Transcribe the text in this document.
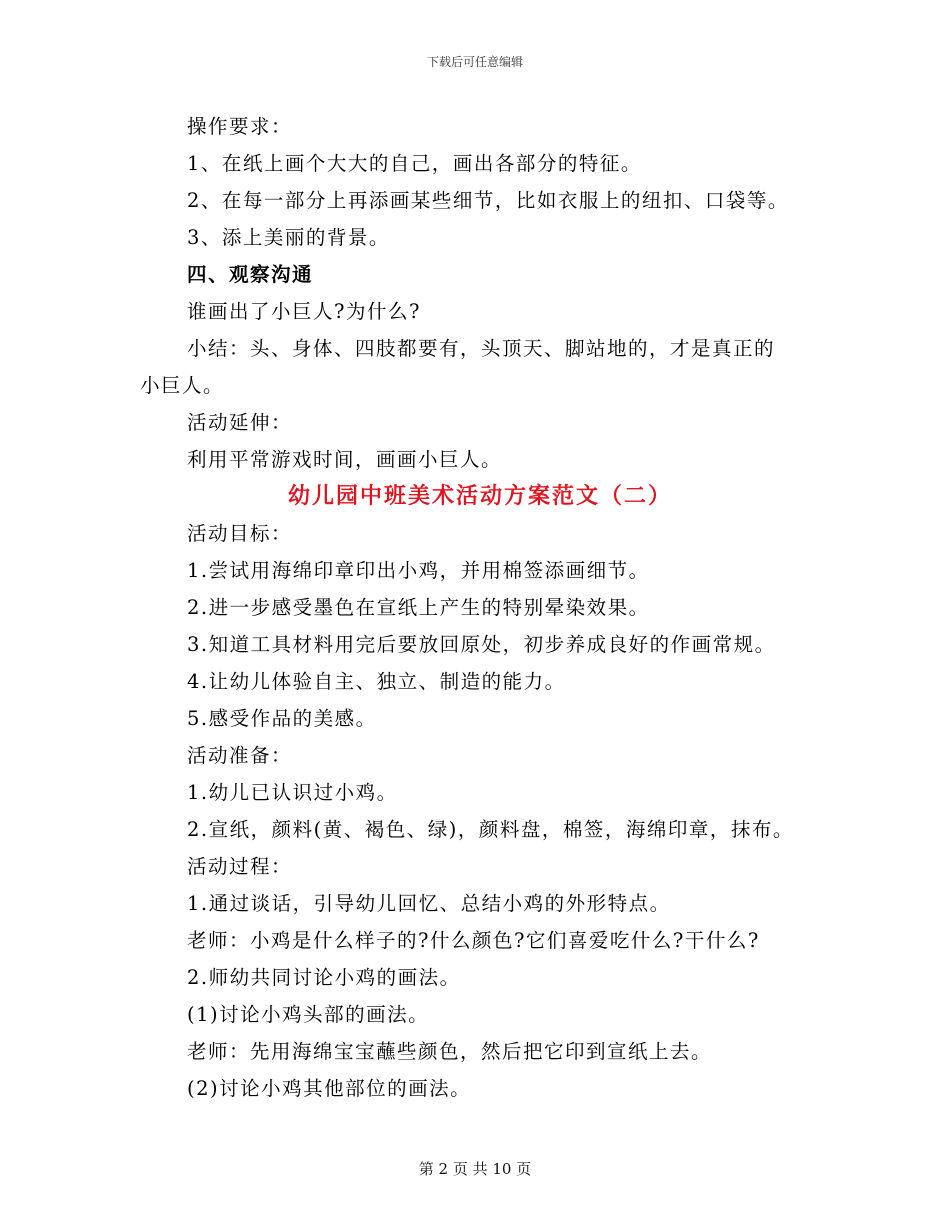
下载后可任意编辑
操作要求：
1、在纸上画个大大的自己，画出各部分的特征。
2、在每一部分上再添画某些细节，比如衣服上的纽扣、口袋等。
3、添上美丽的背景。
四、观察沟通
谁画出了小巨人?为什么?
小结：头、身体、四肢都要有，头顶天、脚站地的，才是真正的
小巨人。
活动延伸：
利用平常游戏时间，画画小巨人。
幼儿园中班美术活动方案范文（二）
活动目标：
1.尝试用海绵印章印出小鸡，并用棉签添画细节。
2.进一步感受墨色在宣纸上产生的特别晕染效果。
3.知道工具材料用完后要放回原处，初步养成良好的作画常规。
4.让幼儿体验自主、独立、制造的能力。
5.感受作品的美感。
活动准备：
1.幼儿已认识过小鸡。
2.宣纸，颜料(黄、褐色、绿)，颜料盘，棉签，海绵印章，抹布。
活动过程：
1.通过谈话，引导幼儿回忆、总结小鸡的外形特点。
老师：小鸡是什么样子的?什么颜色?它们喜爱吃什么?干什么?
2.师幼共同讨论小鸡的画法。
(1)讨论小鸡头部的画法。
老师：先用海绵宝宝蘸些颜色，然后把它印到宣纸上去。
(2)讨论小鸡其他部位的画法。
第 2 页 共 10 页
